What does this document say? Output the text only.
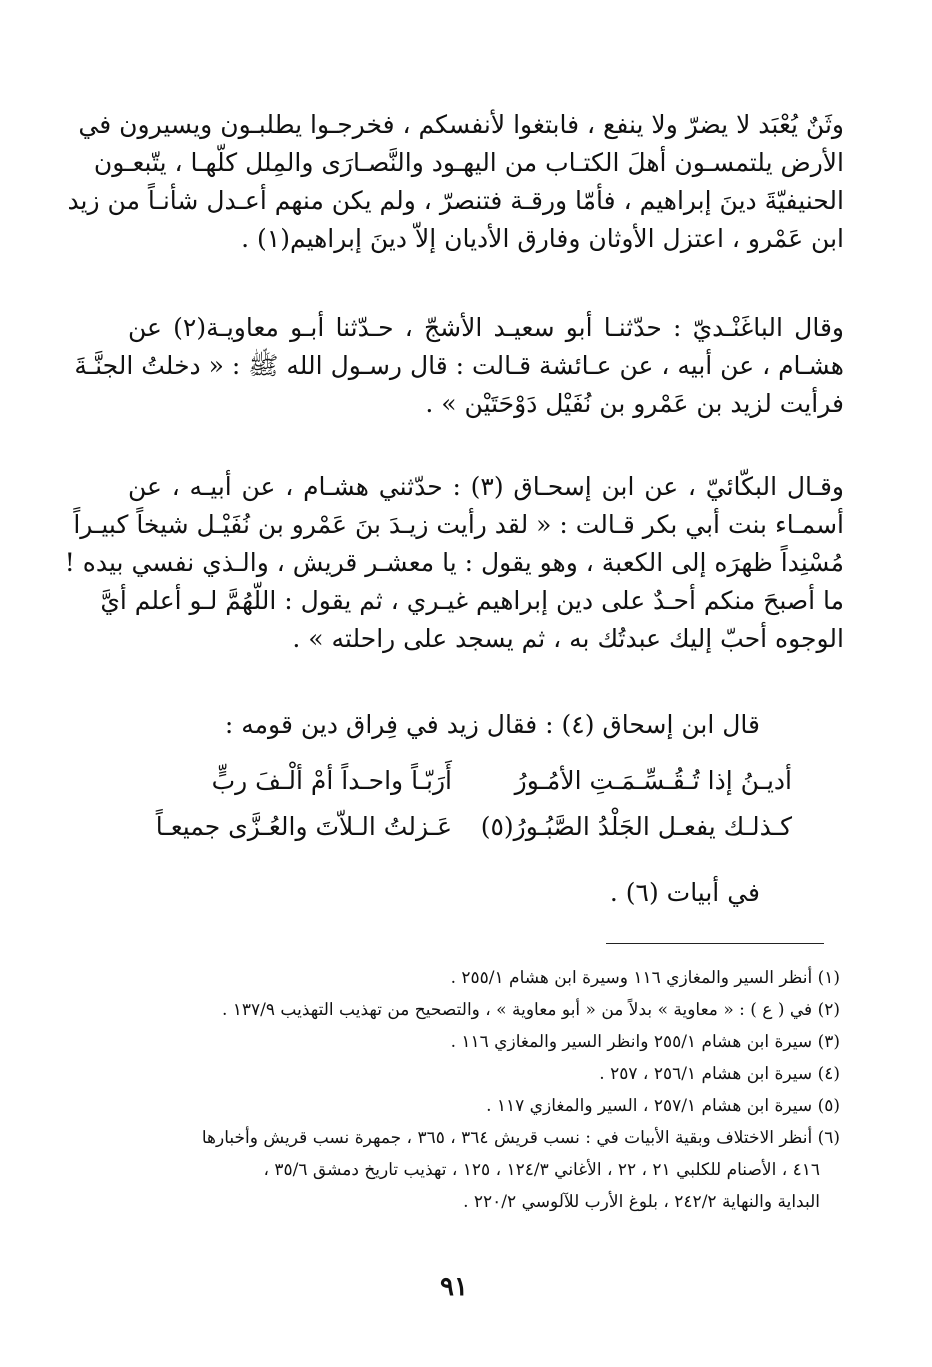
وثَنٌ يُعْبَد لا يضرّ ولا ينفع ، فابتغوا لأنفسكم ، فخرجـوا يطلبـون ويسيرون في
الأرض يلتمسـون أهلَ الكتـاب من اليهـود والنَّصـارَى والمِلل كلّهـا ، يتّبعـون
الحنيفيّةَ دينَ إبراهيم ، فأمّا ورقـة فتنصرّ ، ولم يكن منهم أعـدل شأنـاً من زيد
ابن عَمْرو ، اعتزل الأوثان وفارق الأديان إلاّ دينَ إبراهيم(١) .
وقال الباغَنْـديّ : حدّثنـا أبو سعيـد الأشجّ ، حـدّثنا أبـو معاويـة(٢) عن
هشـام ، عن أبيه ، عن عـائشة قـالت : قال رسـول الله ﷺ : « دخلتُ الجنَّـةَ
فرأيت لزيد بن عَمْرو بن نُفَيْل دَوْحَتَيْن » .
وقـال البكّائيّ ، عن ابن إسحـاق (٣) : حدّثني هشـام ، عن أبيـه ، عن
أسمـاء بنت أبي بكر قـالت : « لقد رأيت زيـدَ بنَ عَمْرو بن نُفَيْـل شيخاً كبيـراً
مُسْنِداً ظهرَه إلى الكعبة ، وهو يقول : يا معشـر قريش ، والـذي نفسي بيده !
ما أصبحَ منكم أحـدٌ على دين إبراهيم غيـري ، ثم يقول : اللّهُمَّ لـو أعلم أيَّ
الوجوه أحبّ إليك عبدتُك به ، ثم يسجد على راحلته » .
قال ابن إسحاق (٤) : فقال زيد في فِراق دين قومه :
أَرَبّـاً واحـداً أمْ ألْـفَ ربٍّ	أديـنُ إذا تُـقُـسِّـمَـتِ الأمُـورُ
عَـزلتُ الـلاّتَ والعُـزَّى جميعـاً كـذلـك يفعـل الجَلْدُ الصَّبُـورُ(٥)
في أبيات (٦) .
(١) أنظر السير والمغازي ١١٦ وسيرة ابن هشام ٢٥٥/١ .
(٢) في ( ع ) : « معاوية » بدلاً من « أبو معاوية » ، والتصحيح من تهذيب التهذيب ١٣٧/٩ .
(٣) سيرة ابن هشام ٢٥٥/١ وانظر السير والمغازي ١١٦ .
(٤) سيرة ابن هشام ٢٥٦/١ ، ٢٥٧ .
(٥) سيرة ابن هشام ٢٥٧/١ ، السير والمغازي ١١٧ .
(٦) أنظر الاختلاف وبقية الأبيات في : نسب قريش ٣٦٤ ، ٣٦٥ ، جمهرة نسب قريش وأخبارها
٤١٦ ، الأصنام للكلبي ٢١ ، ٢٢ ، الأغاني ١٢٤/٣ ، ١٢٥ ، تهذيب تاريخ دمشق ٣٥/٦ ،
البداية والنهاية ٢٤٢/٢ ، بلوغ الأرب للآلوسي ٢٢٠/٢ .
٩١
